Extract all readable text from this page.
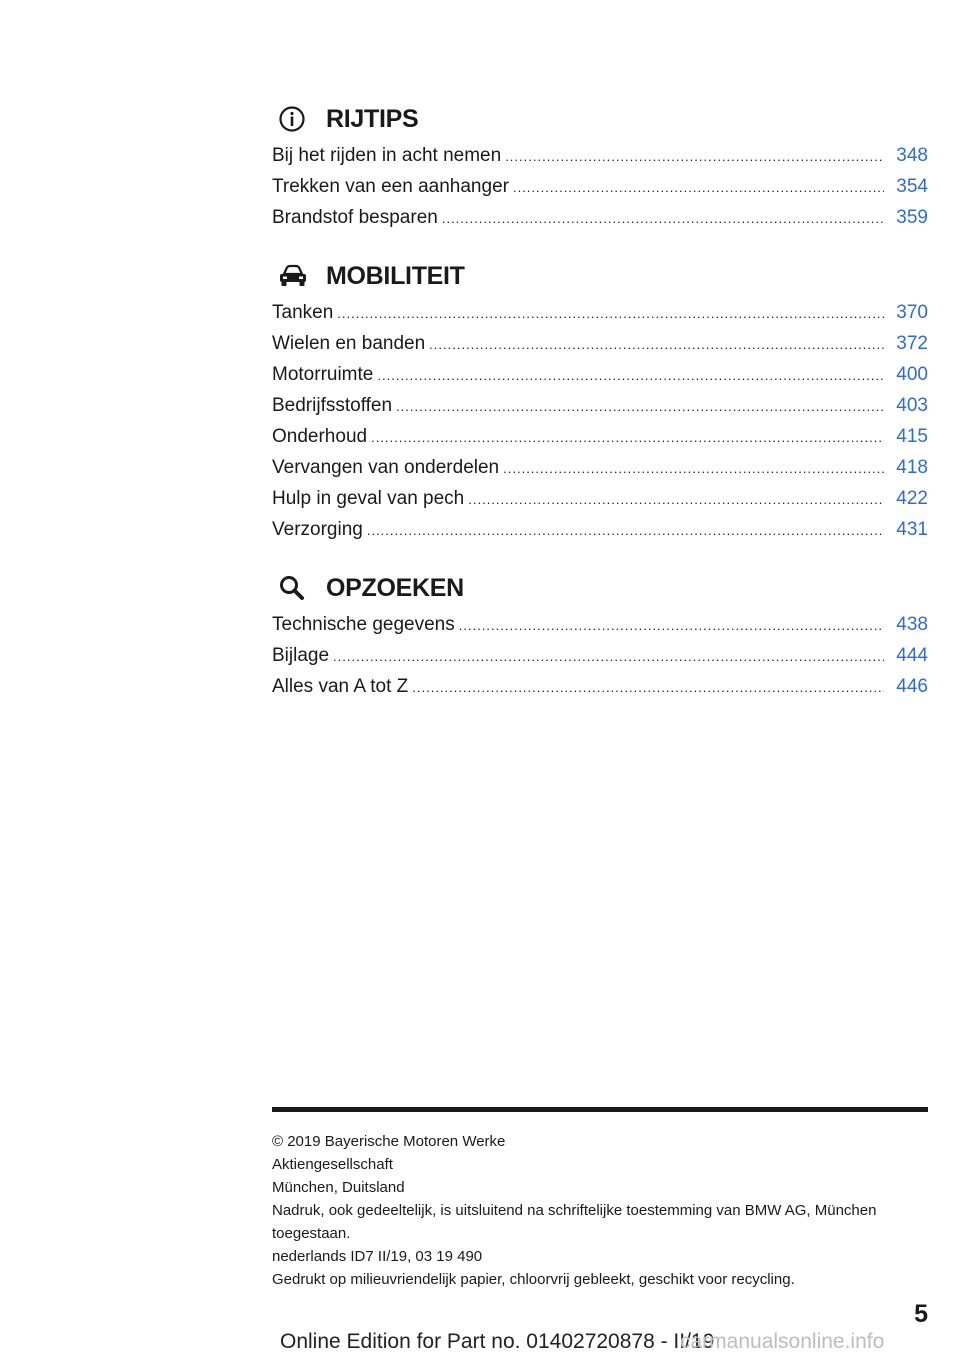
RIJTIPS
Bij het rijden in acht nemen .....	348
Trekken van een aanhanger .....	354
Brandstof besparen .....	359
MOBILITEIT
Tanken .....	370
Wielen en banden .....	372
Motorruimte .....	400
Bedrijfsstoffen .....	403
Onderhoud .....	415
Vervangen van onderdelen .....	418
Hulp in geval van pech .....	422
Verzorging .....	431
OPZOEKEN
Technische gegevens .....	438
Bijlage .....	444
Alles van A tot Z .....	446

© 2019 Bayerische Motoren Werke

Aktiengesellschaft

München, Duitsland

Nadruk, ook gedeeltelijk, is uitsluitend na schriftelijke toestemming van BMW AG, München

toegestaan.

nederlands ID7 II/19, 03 19 490

Gedrukt op milieuvriendelijk papier, chloorvrij gebleekt, geschikt voor recycling.

5
Online Edition for Part no. 01402720878 - II/19
carmanualsonline.info
